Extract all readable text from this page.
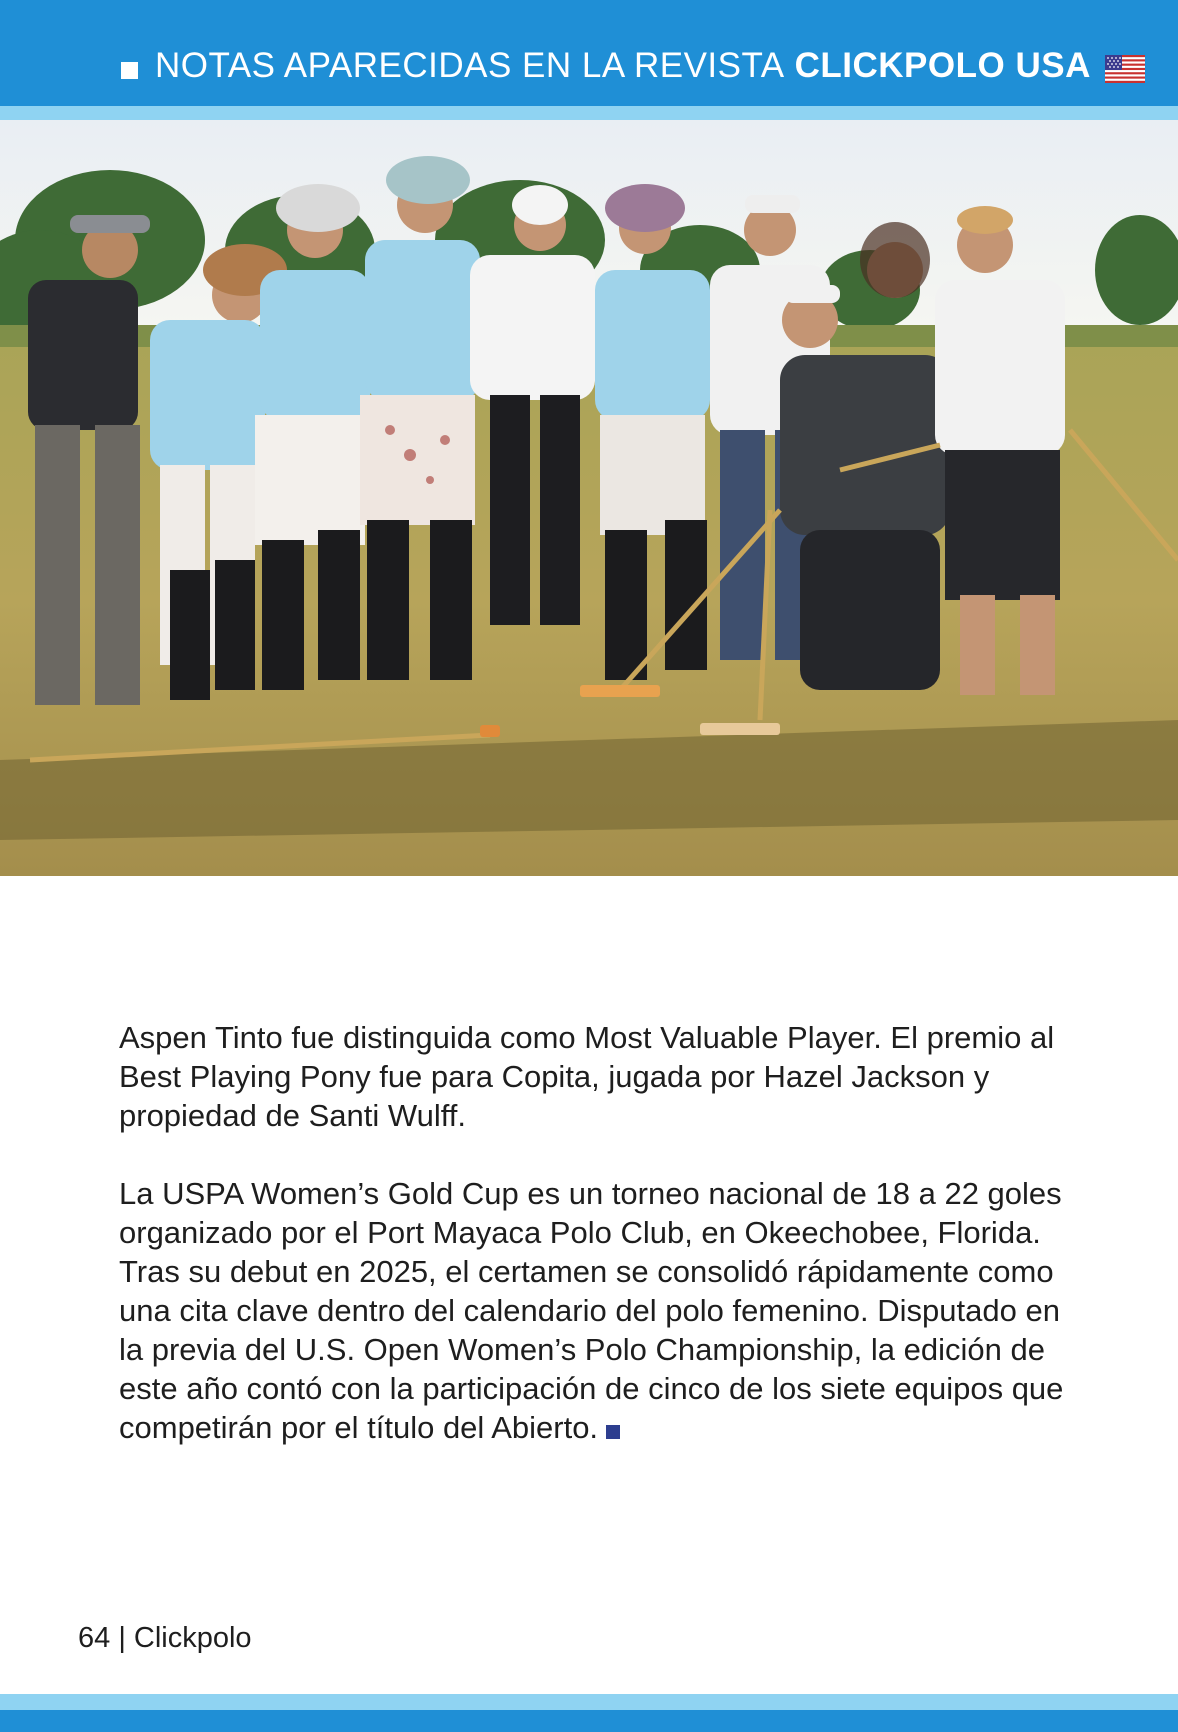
NOTAS APARECIDAS EN LA REVISTA CLICKPOLO USA

Aspen Tinto fue distinguida como Most Valuable Player. El premio al Best Playing Pony fue para Copita, jugada por Hazel Jackson y propiedad de Santi Wulff.

La USPA Women’s Gold Cup es un torneo nacional de 18 a 22 goles organizado por el Port Mayaca Polo Club, en Okeechobee, Florida. Tras su debut en 2025, el certamen se consolidó rápidamente como una cita clave dentro del calendario del polo femenino. Disputado en la previa del U.S. Open Women’s Polo Championship, la edición de este año contó con la participación de cinco de los siete equipos que competirán por el título del Abierto.

64 | Clickpolo
